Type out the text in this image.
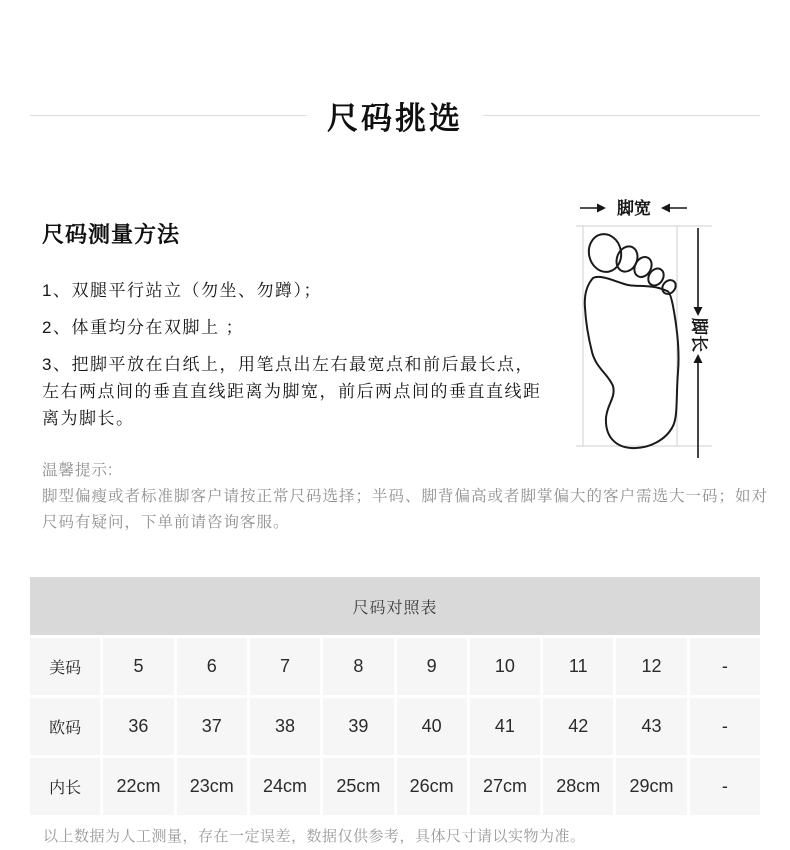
尺码挑选
尺码测量方法

1、双腿平行站立（勿坐、勿蹲）；

2、体重均分在双脚上 ；

3、把脚平放在白纸上，用笔点出左右最宽点和前后最长点，左右两点间的垂直直线距离为脚宽，前后两点间的垂直直线距离为脚长。

脚宽
脚长

温馨提示:

脚型偏瘦或者标准脚客户请按正常尺码选择；半码、脚背偏高或者脚掌偏大的客户需选大一码；如对尺码有疑问，下单前请咨询客服。

尺码对照表
美码	5	6	7	8	9	10	11	12	-
欧码	36	37	38	39	40	41	42	43	-
内长	22cm	23cm	24cm	25cm	26cm	27cm	28cm	29cm	-

以上数据为人工测量，存在一定误差，数据仅供参考，具体尺寸请以实物为准。
